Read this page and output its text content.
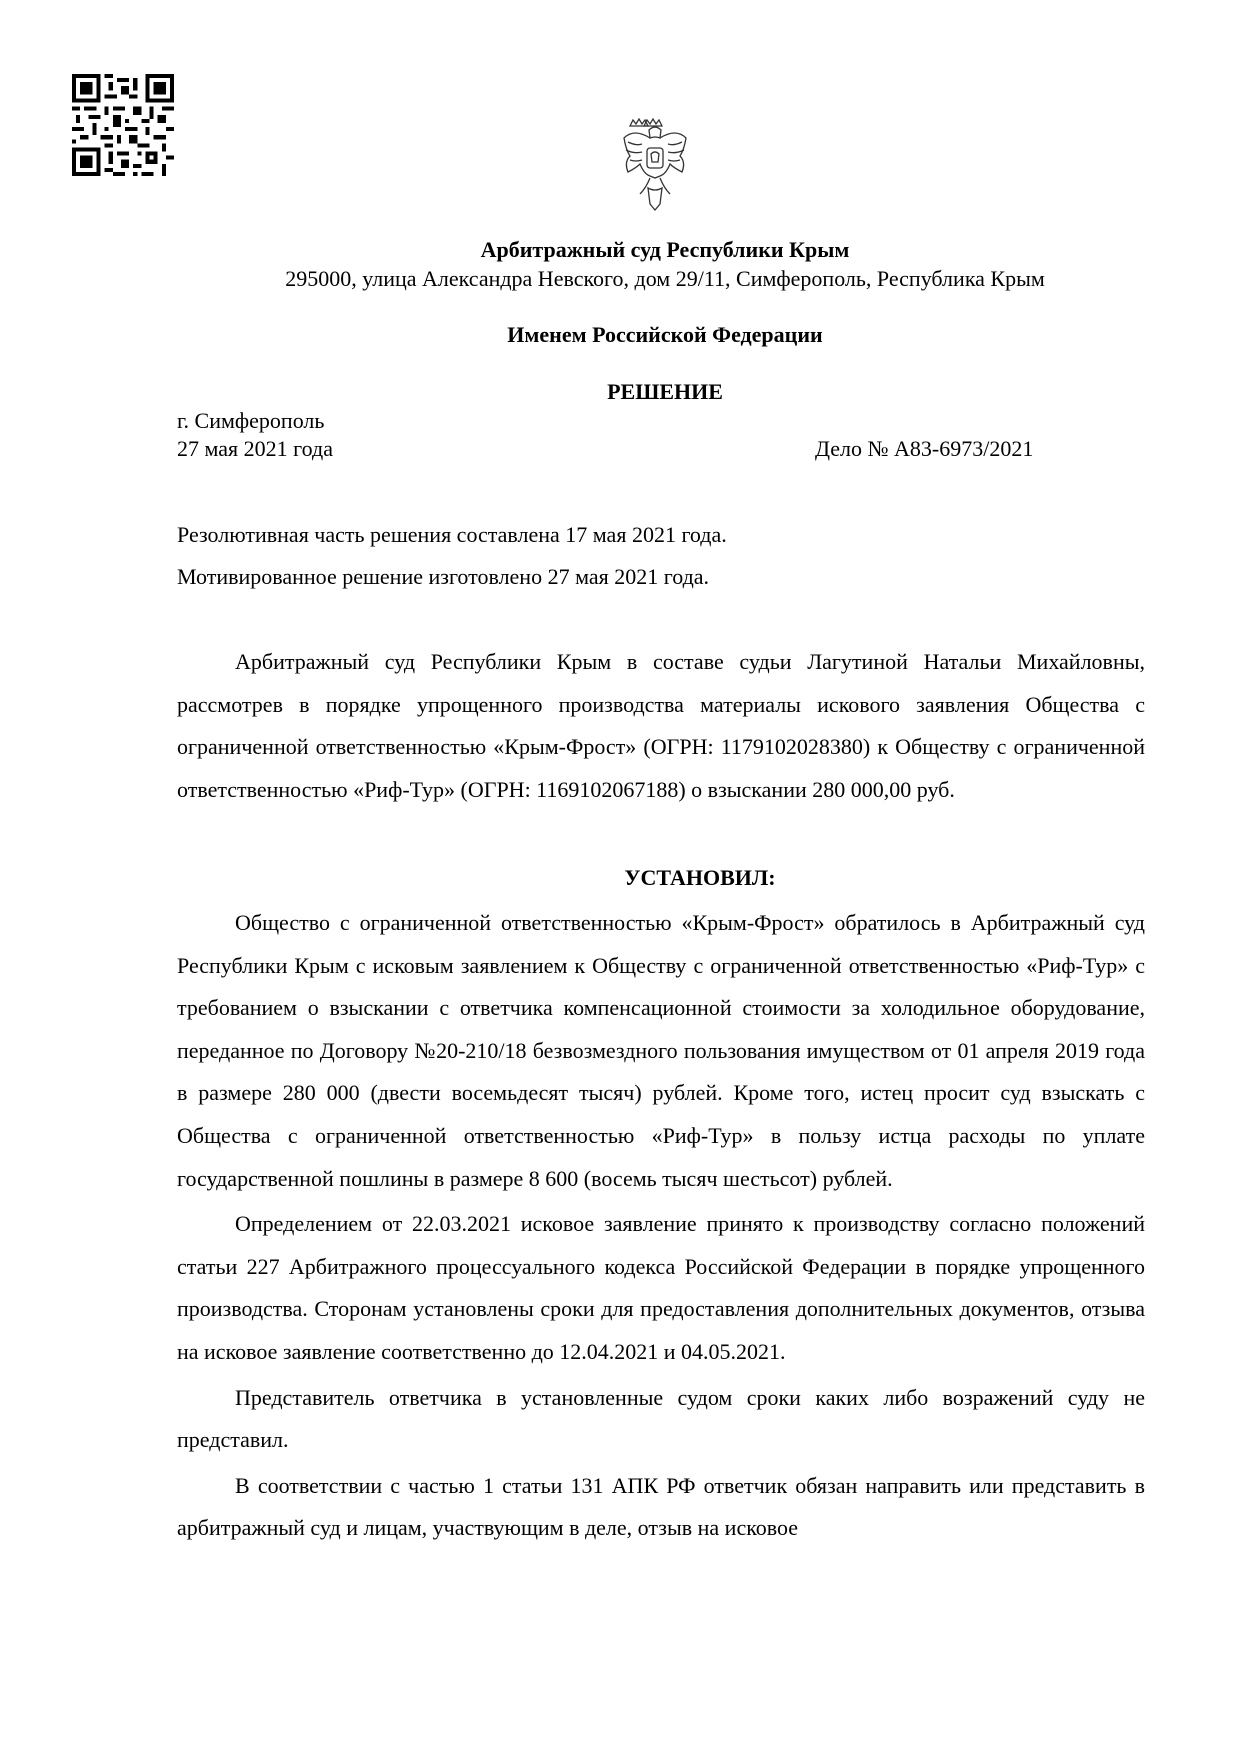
Арбитражный суд Республики Крым
295000, улица Александра Невского, дом 29/11, Симферополь, Республика Крым
Именем Российской Федерации
РЕШЕНИЕ
г. Симферополь
27 мая 2021 года	Дело № А83-6973/2021
Резолютивная часть решения составлена 17 мая 2021 года.
Мотивированное решение изготовлено 27 мая 2021 года.

Арбитражный суд Республики Крым в составе судьи Лагутиной Натальи Михайловны, рассмотрев в порядке упрощенного производства материалы искового заявления Общества с ограниченной ответственностью «Крым-Фрост» (ОГРН: 1179102028380) к Обществу с ограниченной ответственностью «Риф-Тур» (ОГРН: 1169102067188) о взыскании 280 000,00 руб.

УСТАНОВИЛ:

Общество с ограниченной ответственностью «Крым-Фрост» обратилось в Арбитражный суд Республики Крым с исковым заявлением к Обществу с ограниченной ответственностью «Риф-Тур» с требованием о взыскании с ответчика компенсационной стоимости за холодильное оборудование, переданное по Договору №20-210/18 безвозмездного пользования имуществом от 01 апреля 2019 года в размере 280 000 (двести восемьдесят тысяч) рублей. Кроме того, истец просит суд взыскать с Общества с ограниченной ответственностью «Риф-Тур» в пользу истца расходы по уплате государственной пошлины в размере 8 600 (восемь тысяч шестьсот) рублей.

Определением от 22.03.2021 исковое заявление принято к производству согласно положений статьи 227 Арбитражного процессуального кодекса Российской Федерации в порядке упрощенного производства. Сторонам установлены сроки для предоставления дополнительных документов, отзыва на исковое заявление соответственно до 12.04.2021 и 04.05.2021.

Представитель ответчика в установленные судом сроки каких либо возражений суду не представил.

В соответствии с частью 1 статьи 131 АПК РФ ответчик обязан направить или представить в арбитражный суд и лицам, участвующим в деле, отзыв на исковое
